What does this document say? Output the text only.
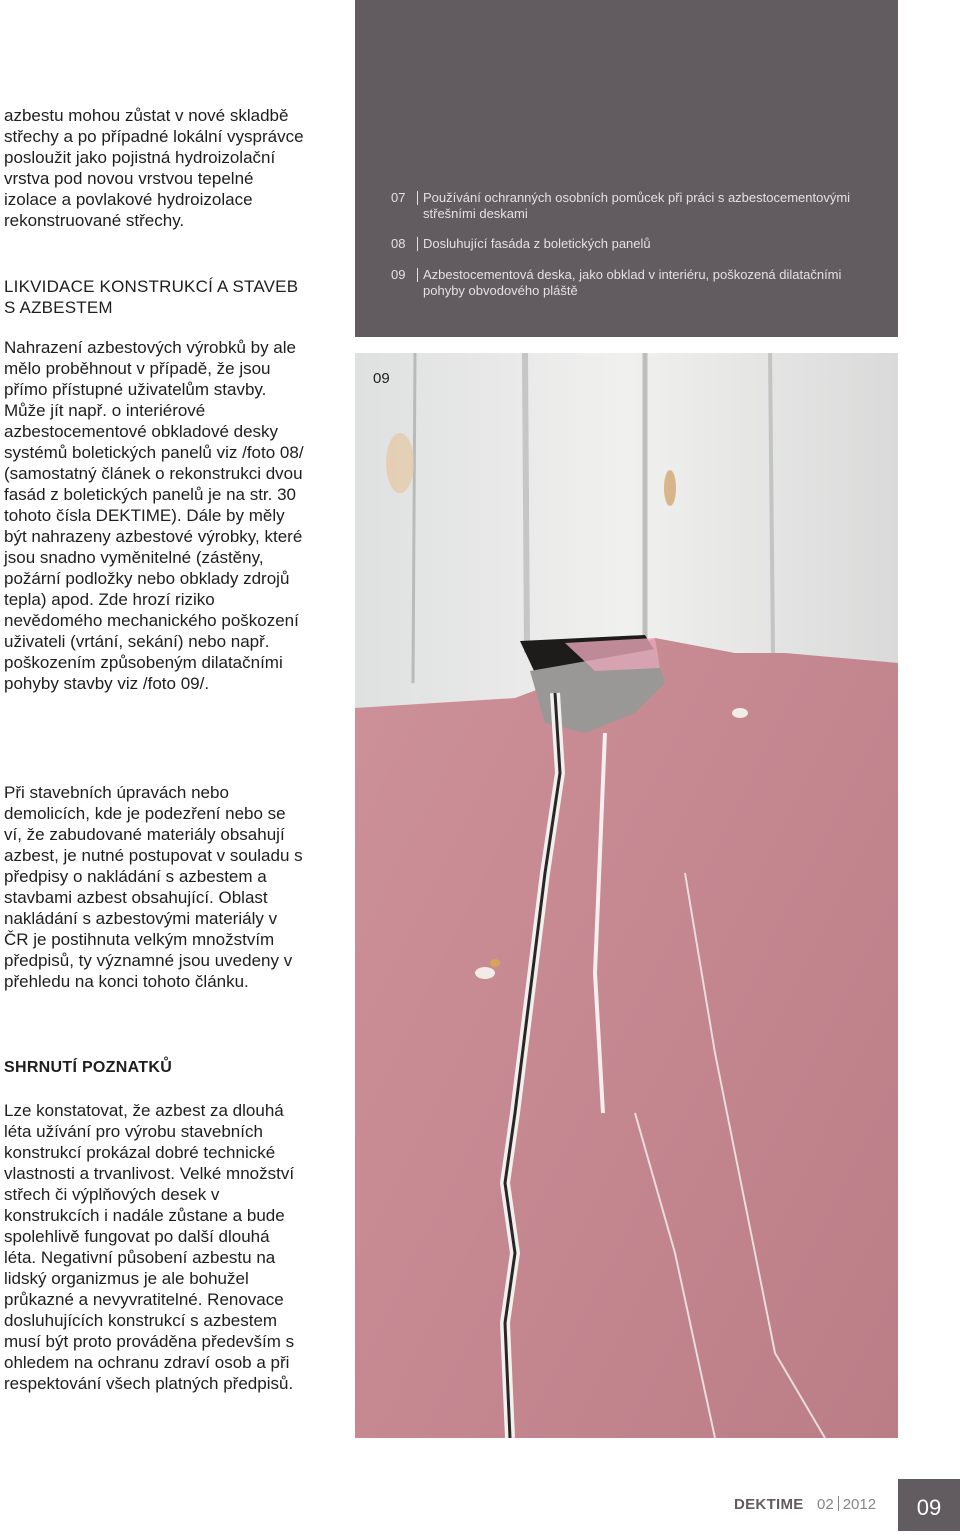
azbestu mohou zůstat v nové skladbě střechy a po případné lokální vysprávce posloužit jako pojistná hydroizolační vrstva pod novou vrstvou tepelné izolace a povlakové hydroizolace rekonstruované střechy.

LIKVIDACE KONSTRUKCÍ A STAVEB S AZBESTEM

Nahrazení azbestových výrobků by ale mělo proběhnout v případě, že jsou přímo přístupné uživatelům stavby. Může jít např. o interiérové azbestocementové obkladové desky systémů boletických panelů viz /foto 08/ (samostatný článek o rekonstrukci dvou fasád z boletických panelů je na str. 30 tohoto čísla DEKTIME). Dále by měly být nahrazeny azbestové výrobky, které jsou snadno vyměnitelné (zástěny, požární podložky nebo obklady zdrojů tepla) apod. Zde hrozí riziko nevědomého mechanického poškození uživateli (vrtání, sekání) nebo např. poškozením způsobeným dilatačními pohyby stavby viz /foto 09/.

Při stavebních úpravách nebo demolicích, kde je podezření nebo se ví, že zabudované materiály obsahují azbest, je nutné postupovat v souladu s předpisy o nakládání s azbestem a stavbami azbest obsahující. Oblast nakládání s azbestovými materiály v ČR je postihnuta velkým množstvím předpisů, ty významné jsou uvedeny v přehledu na konci tohoto článku.

SHRNUTÍ POZNATKŮ

Lze konstatovat, že azbest za dlouhá léta užívání pro výrobu stavebních konstrukcí prokázal dobré technické vlastnosti a trvanlivost. Velké množství střech či výplňových desek v konstrukcích i nadále zůstane a bude spolehlivě fungovat po další dlouhá léta. Negativní působení azbestu na lidský organizmus je ale bohužel průkazné a nevyvratitelné. Renovace dosluhujících konstrukcí s azbestem musí být proto prováděna především s ohledem na ochranu zdraví osob a při respektování všech platných předpisů.

07	Používání ochranných osobních pomůcek při práci s azbestocementovými střešními deskami
08	Dosluhující fasáda z boletických panelů
09	Azbestocementová deska, jako obklad v interiéru, poškozená dilatačními pohyby obvodového pláště
09
DEKTIME 02 2012	09
